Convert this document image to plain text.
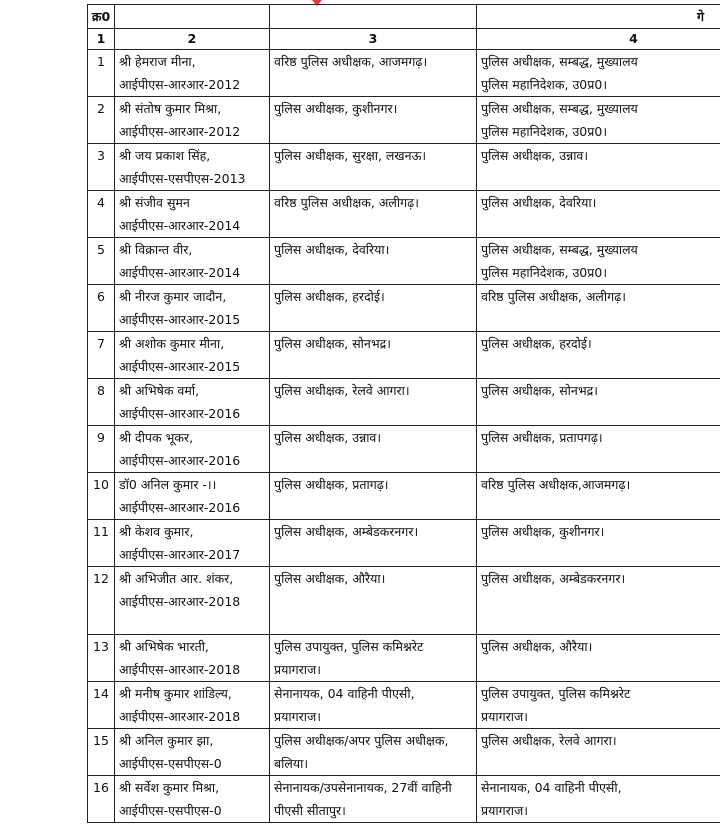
क्र0			गे
1	2	3	4
1	श्री हेमराज मीना,
आईपीएस-आरआर-2012	वरिष्ठ पुलिस अधीक्षक, आजमगढ़।	पुलिस अधीक्षक, सम्बद्ध, मुख्यालय
पुलिस महानिदेशक, उ0प्र0।

2	श्री संतोष कुमार मिश्रा,
आईपीएस-आरआर-2012	पुलिस अधीक्षक, कुशीनगर।	पुलिस अधीक्षक, सम्बद्ध, मुख्यालय
पुलिस महानिदेशक, उ0प्र0।

3	श्री जय प्रकाश सिंह,
आईपीएस-एसपीएस-2013	पुलिस अधीक्षक, सुरक्षा, लखनऊ।	पुलिस अधीक्षक, उन्नाव।

4	श्री संजीव सुमन
आईपीएस-आरआर-2014	वरिष्ठ पुलिस अधीक्षक, अलीगढ़।	पुलिस अधीक्षक, देवरिया।

5	श्री विक्रान्त वीर,
आईपीएस-आरआर-2014	पुलिस अधीक्षक, देवरिया।	पुलिस अधीक्षक, सम्बद्ध, मुख्यालय
पुलिस महानिदेशक, उ0प्र0।

6	श्री नीरज कुमार जादौन,
आईपीएस-आरआर-2015	पुलिस अधीक्षक, हरदोई।	वरिष्ठ पुलिस अधीक्षक, अलीगढ़।

7	श्री अशोक कुमार मीना,
आईपीएस-आरआर-2015	पुलिस अधीक्षक, सोनभद्र।	पुलिस अधीक्षक, हरदोई।

8	श्री अभिषेक वर्मा,
आईपीएस-आरआर-2016	पुलिस अधीक्षक, रेलवे आगरा।	पुलिस अधीक्षक, सोनभद्र।

9	श्री दीपक भूकर,
आईपीएस-आरआर-2016	पुलिस अधीक्षक, उन्नाव।	पुलिस अधीक्षक, प्रतापगढ़।

10	डॉ0 अनिल कुमार -।।
आईपीएस-आरआर-2016	पुलिस अधीक्षक, प्रतागढ़।	वरिष्ठ पुलिस अधीक्षक,आजमगढ़।

11	श्री केशव कुमार,
आईपीएस-आरआर-2017	पुलिस अधीक्षक, अम्बेडकरनगर।	पुलिस अधीक्षक, कुशीनगर।

12	श्री अभिजीत आर. शंकर,
आईपीएस-आरआर-2018	पुलिस अधीक्षक, औरैया।	पुलिस अधीक्षक, अम्बेडकरनगर।

13	श्री अभिषेक भारती,
आईपीएस-आरआर-2018	पुलिस उपायुक्त, पुलिस कमिश्नरेट
प्रयागराज।	पुलिस अधीक्षक, औरैया।

14	श्री मनीष कुमार शांडिल्य,
आईपीएस-आरआर-2018	सेनानायक, 04 वाहिनी पीएसी,
प्रयागराज।	पुलिस उपायुक्त, पुलिस कमिश्नरेट
प्रयागराज।

15	श्री अनिल कुमार झा,
आईपीएस-एसपीएस-0	पुलिस अधीक्षक/अपर पुलिस अधीक्षक,
बलिया।	पुलिस अधीक्षक, रेलवे आगरा।

16	श्री सर्वेश कुमार मिश्रा,
आईपीएस-एसपीएस-0	सेनानायक/उपसेनानायक, 27वीं वाहिनी
पीएसी सीतापुर।	सेनानायक, 04 वाहिनी पीएसी,
प्रयागराज।
